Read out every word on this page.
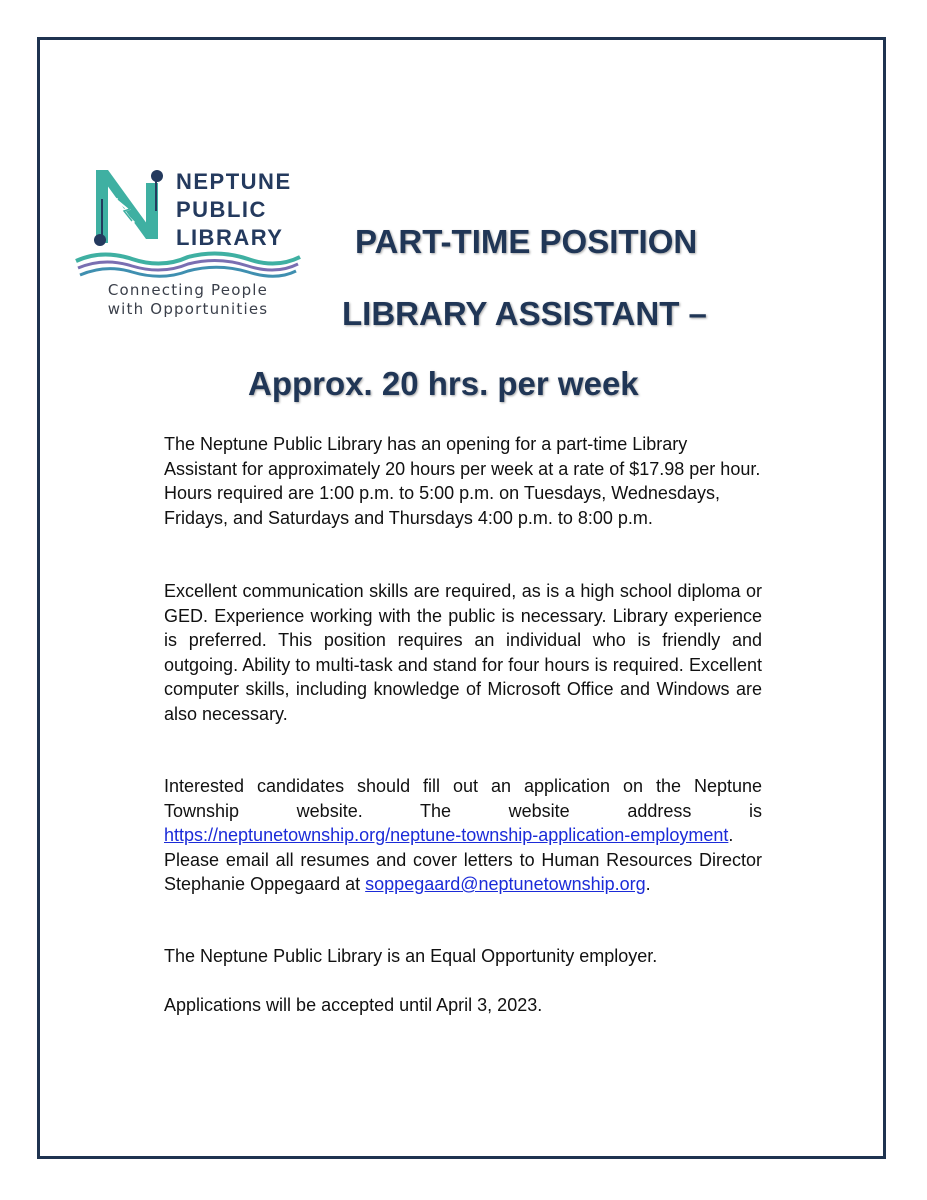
NEPTUNE
PUBLIC
LIBRARY
Connecting People
with Opportunities
PART-TIME POSITION
LIBRARY ASSISTANT –
Approx. 20 hrs. per week
The Neptune Public Library has an opening for a part-time Library Assistant for approximately 20 hours per week at a rate of $17.98 per hour. Hours required are 1:00 p.m. to 5:00 p.m. on Tuesdays, Wednesdays, Fridays, and Saturdays and Thursdays 4:00 p.m. to 8:00 p.m.
Excellent communication skills are required, as is a high school diploma or GED. Experience working with the public is necessary. Library experience is preferred. This position requires an individual who is friendly and outgoing. Ability to multi-task and stand for four hours is required. Excellent computer skills, including knowledge of Microsoft Office and Windows are also necessary.
Interested candidates should fill out an application on the Neptune Township website. The website address is https://neptunetownship.org/neptune-township-application-employment. Please email all resumes and cover letters to Human Resources Director Stephanie Oppegaard at soppegaard@neptunetownship.org.
The Neptune Public Library is an Equal Opportunity employer.
Applications will be accepted until April 3, 2023.
